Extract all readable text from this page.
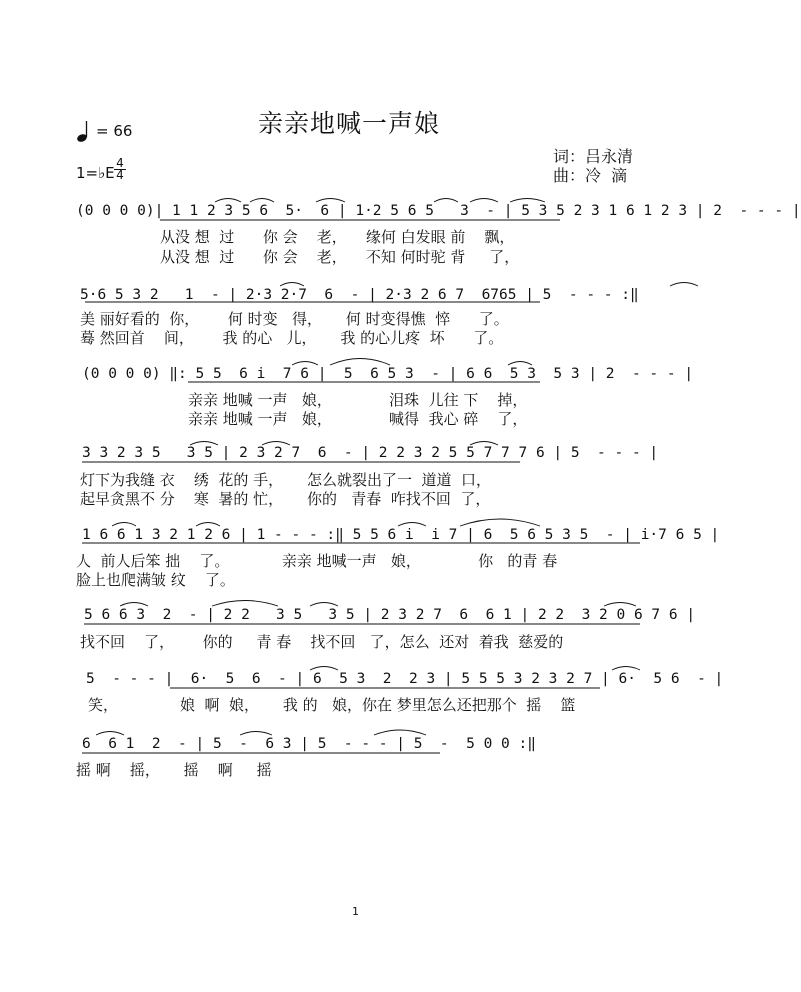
亲亲地喊一声娘
= 66
1=♭E
4
4
词：吕永清
曲：冷  滴
(0 0 0 0)| 1 1 2 3 5 6  5·  6 | 1·2 5 6 5   3  - | 5 3 5 2 3 1 6 1 2 3 | 2  - - - |
从没 想  过      你 会    老，    缘何 白发眼 前    飘，
从没 想  过      你 会    老，    不知 何时驼 背     了，
5·6 5 3 2   1  - | 2·3 2·7  6  - | 2·3 2 6 7  6765 | 5  - - - :‖
美 丽好看的  你，      何 时变   得，     何 时变得憔  悴      了。
蓦 然回首    间，      我 的心   儿，     我 的心儿疼  坏      了。
(0 0 0 0) ‖: 5 5  6 i  7 6 |  5  6 5 3  - | 6 6  5 3  5 3 | 2  - - - |
亲亲 地喊 一声   娘，            泪珠  儿往 下    掉，
亲亲 地喊 一声   娘，            喊得  我心 碎    了，
3 3 2 3 5   3 5 | 2 3 2 7  6  - | 2 2 3 2 5 5 7 7 7 6 | 5  - - - |
灯下为我缝 衣    绣  花的 手，     怎么就裂出了一  道道  口，
起早贪黑不 分    寒  暑的 忙，     你的   青春  咋找不回  了，
1 6 6 1 3 2 1 2 6 | 1 - - - :‖ 5 5 6 i  i 7 | 6  5 6 5 3 5  - | i·7 6 5 |
人  前人后笨 拙    了。           亲亲 地喊一声   娘，            你   的青 春
脸上也爬满皱 纹    了。
5 6 6 3  2  - | 2 2   3 5   3 5 | 2 3 2 7  6  6 1 | 2 2  3 2 0 6 7 6 |
找不回    了，      你的     青 春    找不回   了，怎么  还对  着我  慈爱的
5  - - - |  6·  5  6  - | 6  5 3  2  2 3 | 5 5 5 3 2 3 2 7 | 6·  5 6  - |
笑，             娘  啊  娘，     我 的   娘，你在 梦里怎么还把那个  摇    篮
6  6 1  2  - | 5  -  6 3 | 5  - - - | 5  -  5 0 0 :‖
摇 啊    摇，     摇    啊     摇
1
